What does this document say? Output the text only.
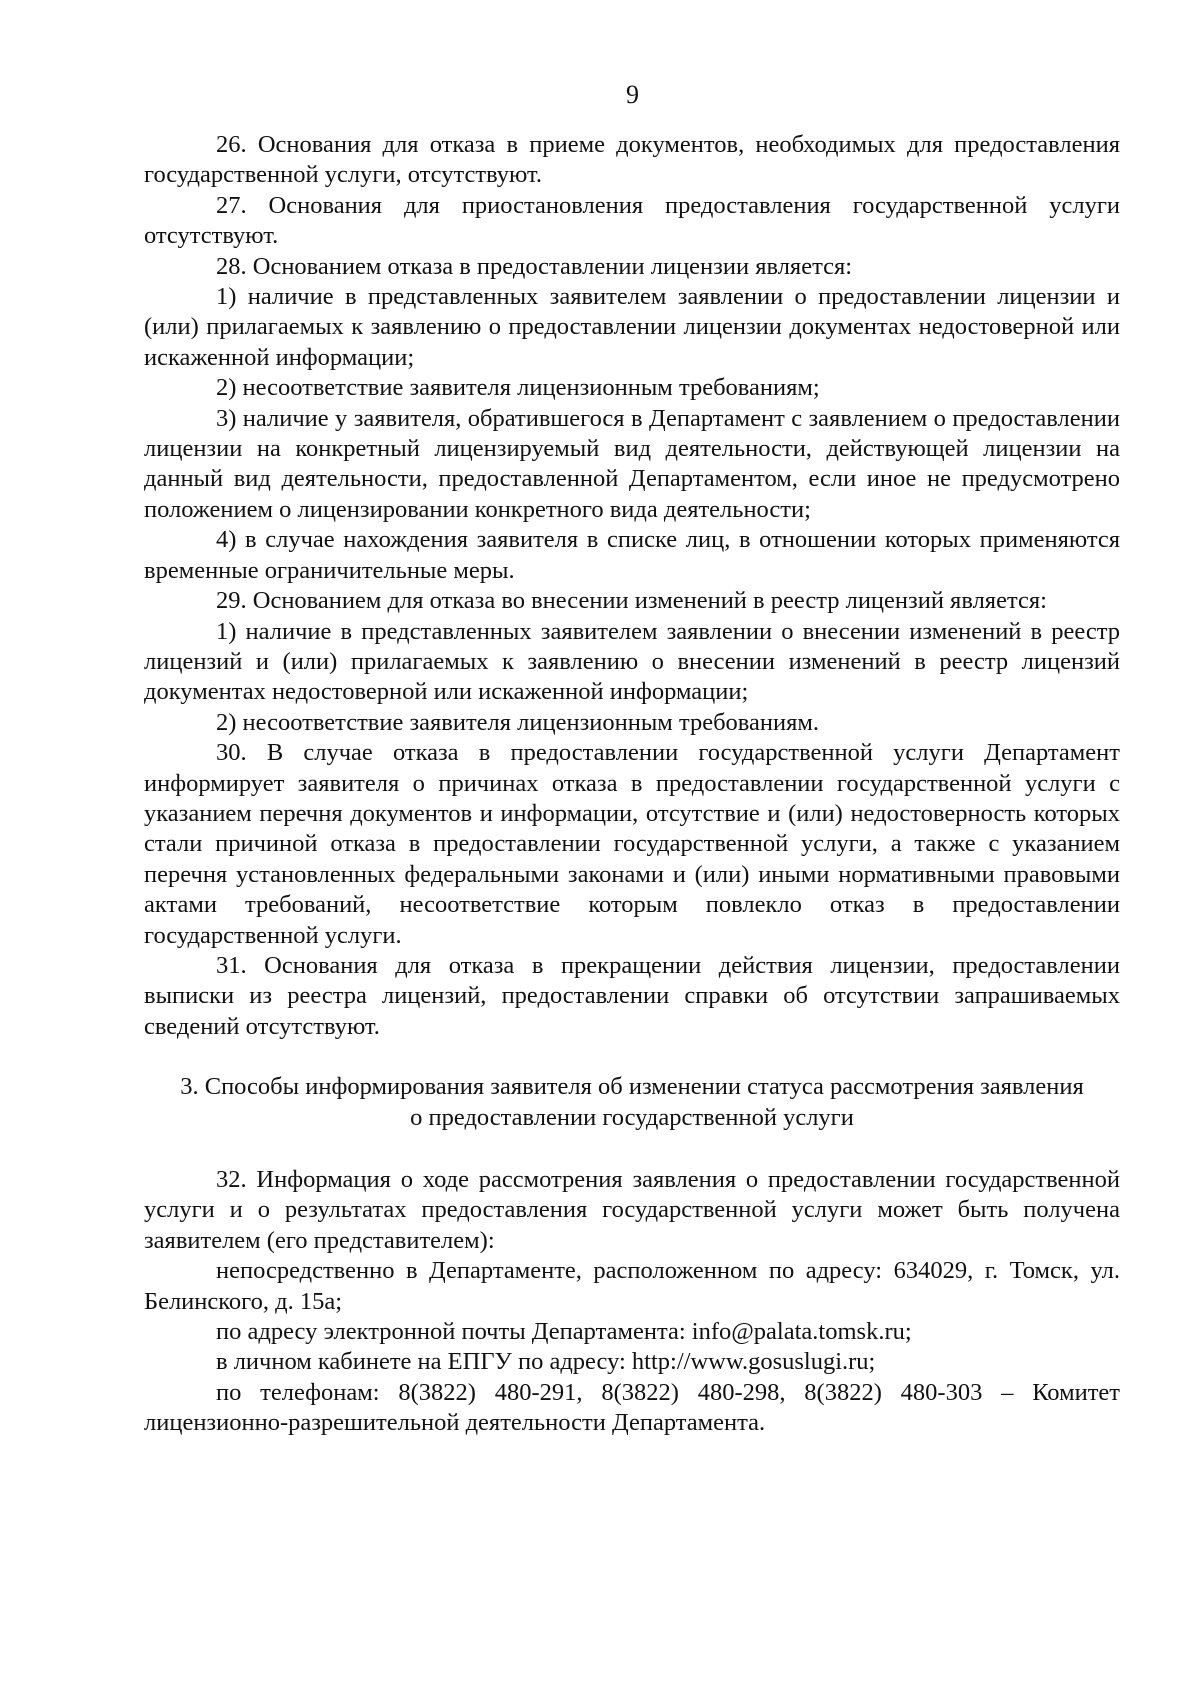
9

26. Основания для отказа в приеме документов, необходимых для предоставления государственной услуги, отсутствуют.

27. Основания для приостановления предоставления государственной услуги отсутствуют.

28. Основанием отказа в предоставлении лицензии является:

1) наличие в представленных заявителем заявлении о предоставлении лицензии и (или) прилагаемых к заявлению о предоставлении лицензии документах недостоверной или искаженной информации;

2) несоответствие заявителя лицензионным требованиям;

3) наличие у заявителя, обратившегося в Департамент с заявлением о предоставлении лицензии на конкретный лицензируемый вид деятельности, действующей лицензии на данный вид деятельности, предоставленной Департаментом, если иное не предусмотрено положением о лицензировании конкретного вида деятельности;

4) в случае нахождения заявителя в списке лиц, в отношении которых применяются временные ограничительные меры.

29. Основанием для отказа во внесении изменений в реестр лицензий является:

1) наличие в представленных заявителем заявлении о внесении изменений в реестр лицензий и (или) прилагаемых к заявлению о внесении изменений в реестр лицензий документах недостоверной или искаженной информации;

2) несоответствие заявителя лицензионным требованиям.

30. В случае отказа в предоставлении государственной услуги Департамент информирует заявителя о причинах отказа в предоставлении государственной услуги с указанием перечня документов и информации, отсутствие и (или) недостоверность которых стали причиной отказа в предоставлении государственной услуги, а также с указанием перечня установленных федеральными законами и (или) иными нормативными правовыми актами требований, несоответствие которым повлекло отказ в предоставлении государственной услуги.

31. Основания для отказа в прекращении действия лицензии, предоставлении выписки из реестра лицензий, предоставлении справки об отсутствии запрашиваемых сведений отсутствуют.

3. Способы информирования заявителя об изменении статуса рассмотрения заявления
о предоставлении государственной услуги

32. Информация о ходе рассмотрения заявления о предоставлении государственной услуги и о результатах предоставления государственной услуги может быть получена заявителем (его представителем):

непосредственно в Департаменте, расположенном по адресу: 634029, г. Томск, ул. Белинского, д. 15а;

по адресу электронной почты Департамента: info@palata.tomsk.ru;

в личном кабинете на ЕПГУ по адресу: http://www.gosuslugi.ru;

по телефонам: 8(3822) 480-291, 8(3822) 480-298, 8(3822) 480-303 – Комитет лицензионно-разрешительной деятельности Департамента.
